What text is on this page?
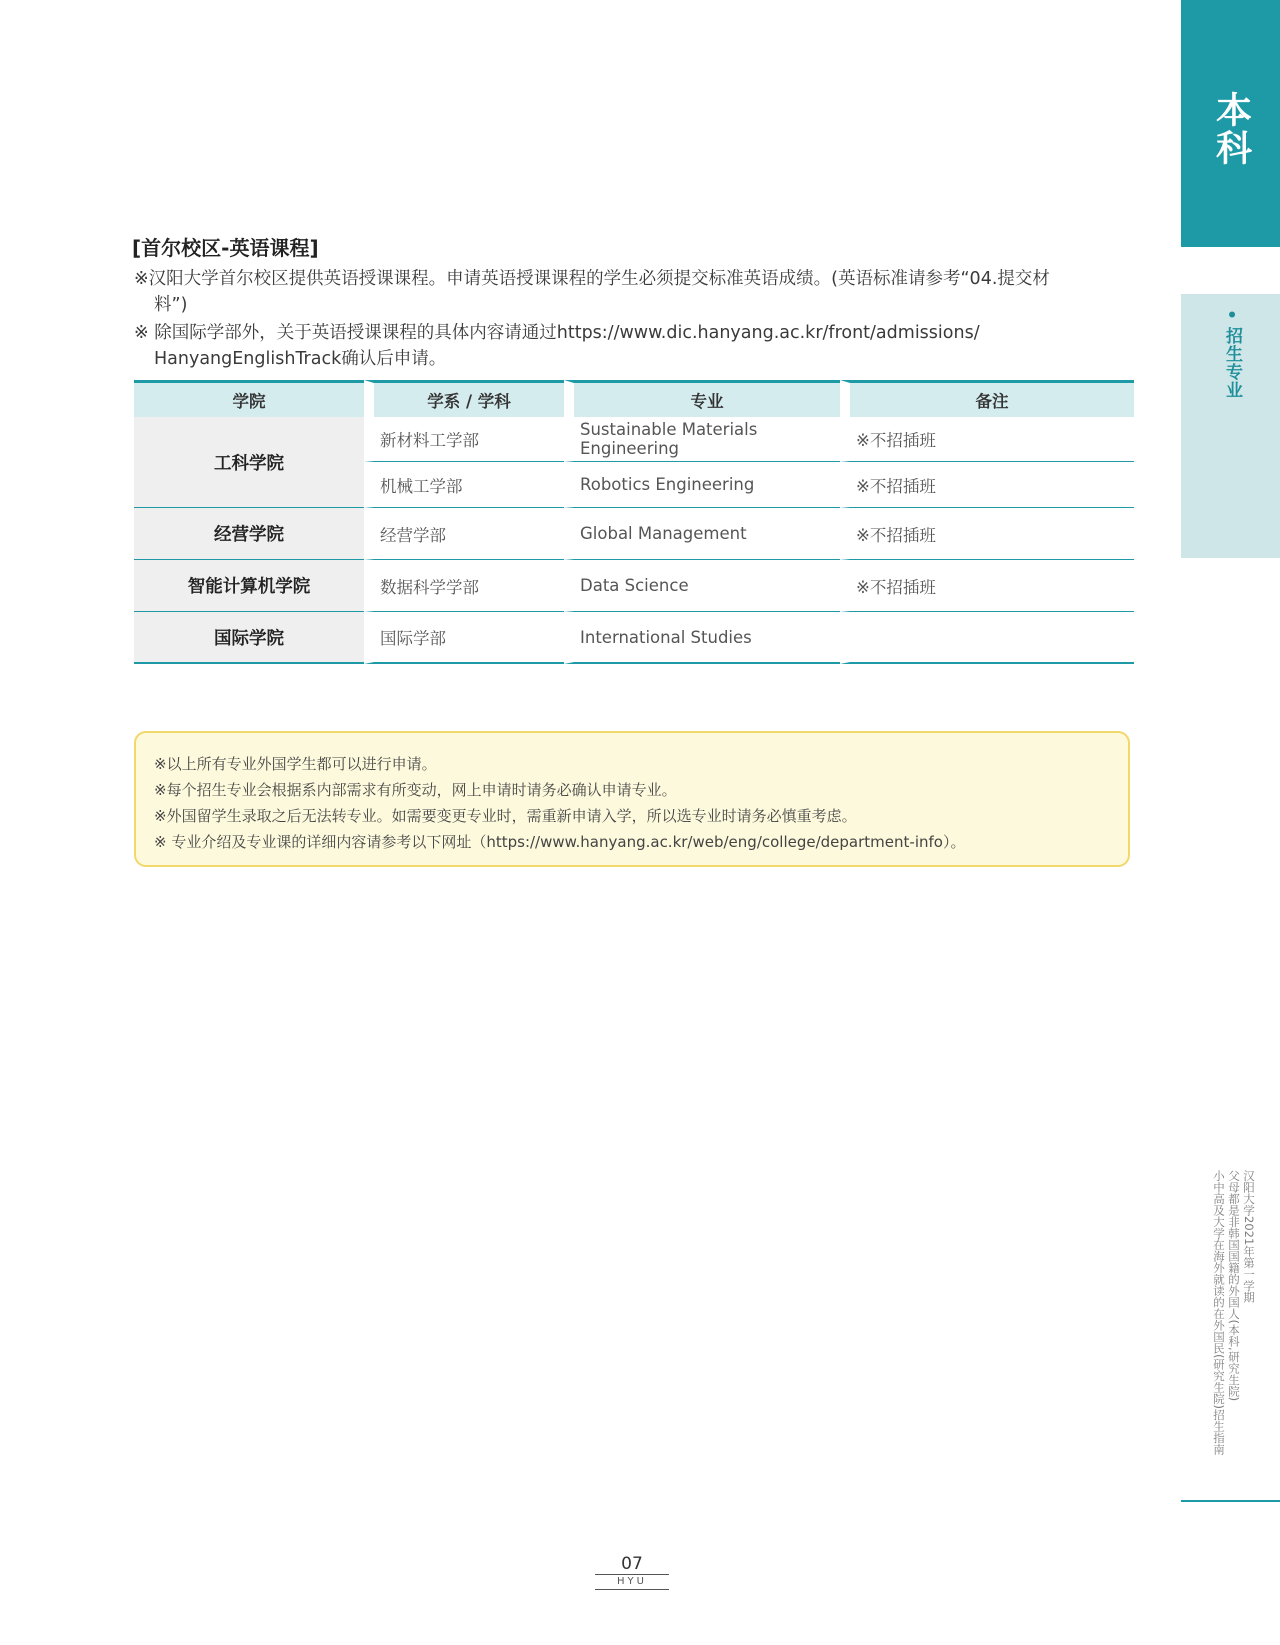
本科
•招生专业
汉阳大学2021年第一学期
父母都是非韩国国籍的外国人(本科,研究生院)
小中高及大学在海外就读的在外国民(研究生院)招生指南
[首尔校区-英语课程]
※汉阳大学首尔校区提供英语授课课程。申请英语授课课程的学生必须提交标准英语成绩。(英语标准请参考“04.提交材
料”)
※ 除国际学部外，关于英语授课课程的具体内容请通过https://www.dic.hanyang.ac.kr/front/admissions/
HanyangEnglishTrack确认后申请。
学院	学系 / 学科	专业	备注
工科学院	新材料工学部	Sustainable Materials Engineering	※不招插班
	机械工学部	Robotics Engineering	※不招插班
经营学院	经营学部	Global Management	※不招插班
智能计算机学院	数据科学学部	Data Science	※不招插班
国际学院	国际学部	International Studies	
※以上所有专业外国学生都可以进行申请。
※每个招生专业会根据系内部需求有所变动，网上申请时请务必确认申请专业。
※外国留学生录取之后无法转专业。如需要变更专业时，需重新申请入学，所以选专业时请务必慎重考虑。
※ 专业介绍及专业课的详细内容请参考以下网址（https://www.hanyang.ac.kr/web/eng/college/department-info）。
07
HYU
